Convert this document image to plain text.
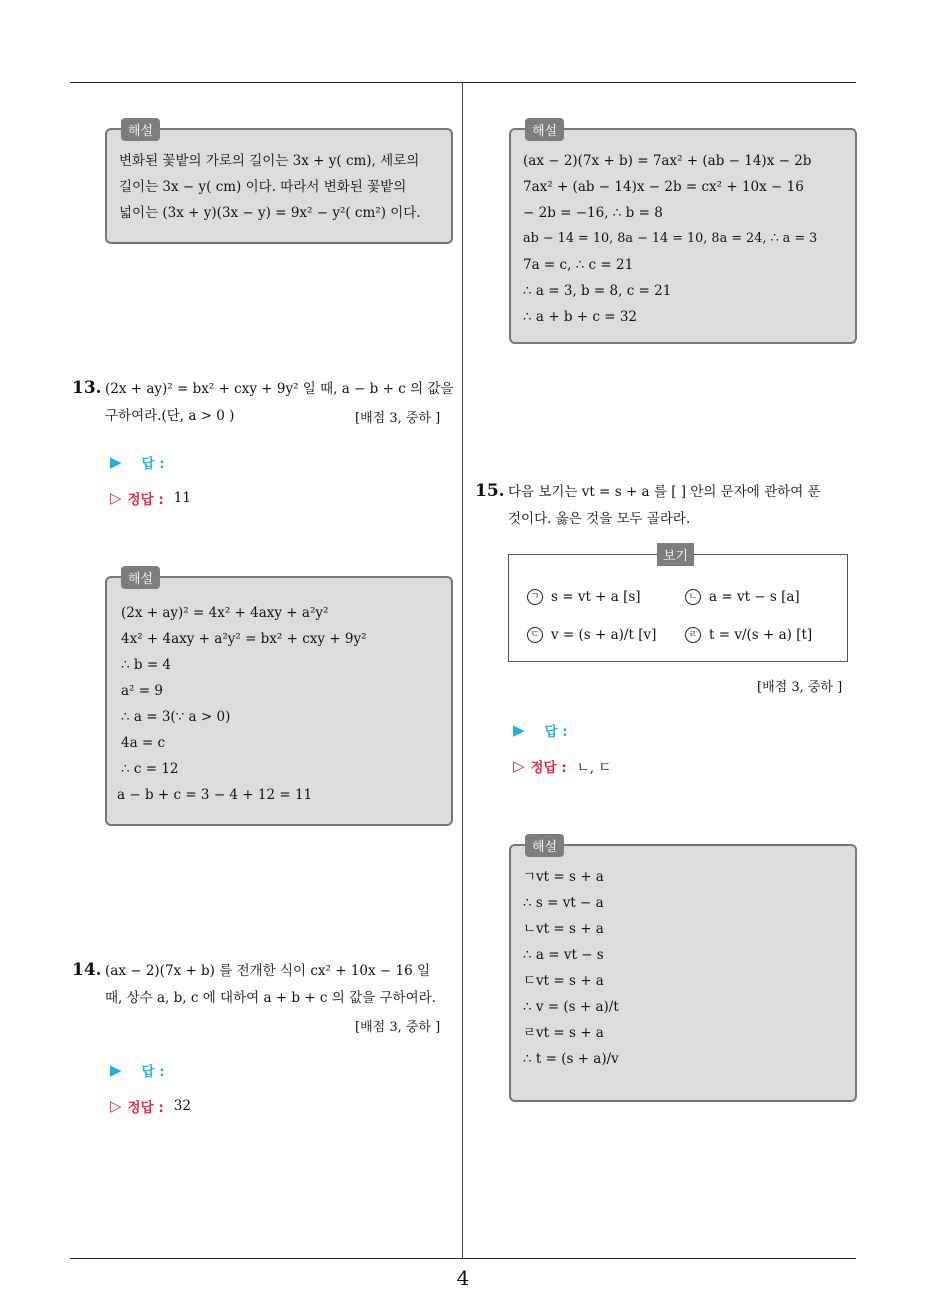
4
해설
변화된 꽃밭의 가로의 길이는 3x + y( cm), 세로의
길이는 3x − y( cm) 이다. 따라서 변화된 꽃밭의
넓이는 (3x + y)(3x − y) = 9x² − y²( cm²) 이다.
13. (2x + ay)² = bx² + cxy + 9y² 일 때, a − b + c 의 값을
구하여라.(단, a > 0 )	[배점 3, 중하 ]
▶ 답 :
▷ 정답 : 11
해설
(2x + ay)² = 4x² + 4axy + a²y²
4x² + 4axy + a²y² = bx² + cxy + 9y²
∴ b = 4
a² = 9
∴ a = 3(∵ a > 0)
4a = c
∴ c = 12
a − b + c = 3 − 4 + 12 = 11
14. (ax − 2)(7x + b) 를 전개한 식이 cx² + 10x − 16 일
때, 상수 a, b, c 에 대하여 a + b + c 의 값을 구하여라.
[배점 3, 중하 ]
▶ 답 :
▷ 정답 : 32
해설
(ax − 2)(7x + b) = 7ax² + (ab − 14)x − 2b
7ax² + (ab − 14)x − 2b = cx² + 10x − 16
− 2b = −16, ∴ b = 8
ab − 14 = 10, 8a − 14 = 10, 8a = 24, ∴ a = 3
7a = c, ∴ c = 21
∴ a = 3, b = 8, c = 21
∴ a + b + c = 32
15. 다음 보기는 vt = s + a 를 [ ] 안의 문자에 관하여 푼
것이다. 옳은 것을 모두 골라라.
보기
ㄱ s = vt + a [s]	ㄴ a = vt − s [a]
ㄷ v = (s + a)/t [v]	ㄹ t = v/(s + a) [t]
[배점 3, 중하 ]
▶ 답 :
▷ 정답 : ㄴ, ㄷ
해설
ㄱvt = s + a
∴ s = vt − a
ㄴvt = s + a
∴ a = vt − s
ㄷvt = s + a
∴ v = (s + a)/t
ㄹvt = s + a
∴ t = (s + a)/v
